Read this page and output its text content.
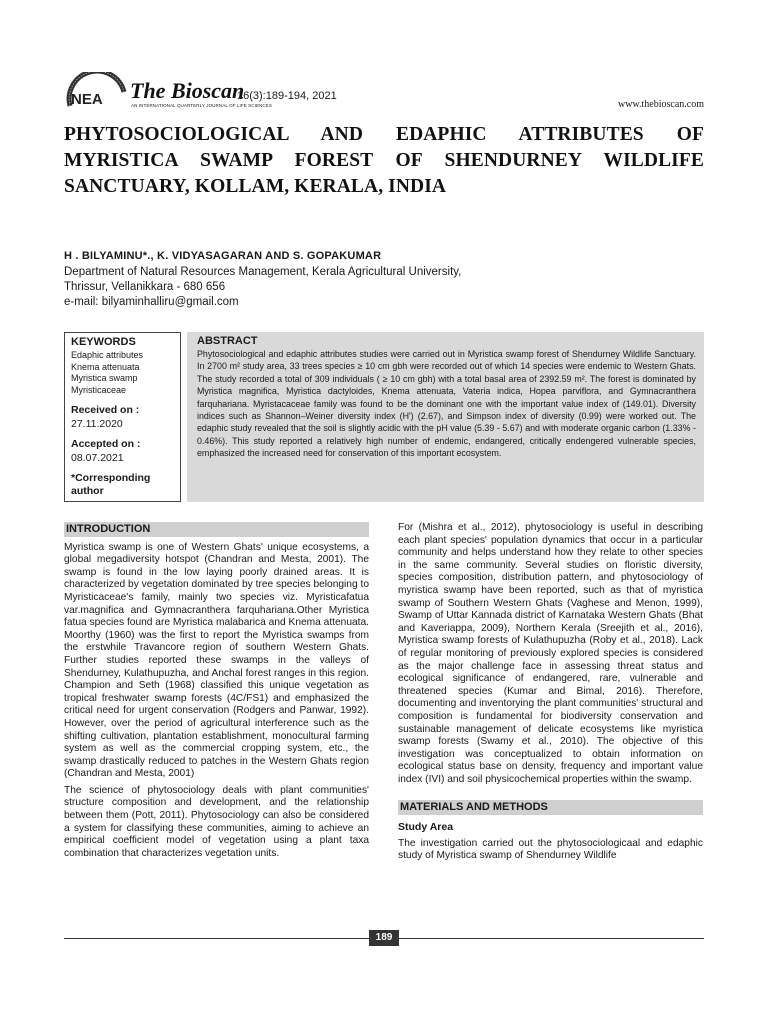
NEA The Bioscan
16(3):189-194, 2021
AN INTERNATIONAL QUARTERLY JOURNAL OF LIFE SCIENCES	www.thebioscan.com
PHYTOSOCIOLOGICAL AND EDAPHIC ATTRIBUTES OF MYRISTICA SWAMP FOREST OF SHENDURNEY WILDLIFE SANCTUARY, KOLLAM, KERALA, INDIA
H . BILYAMINU*., K. VIDYASAGARAN AND S. GOPAKUMAR
Department of Natural Resources Management, Kerala Agricultural University,
Thrissur, Vellanikkara - 680 656
e-mail: bilyaminhalliru@gmail.com
KEYWORDS
Edaphic attributes
Knema attenuata
Myristica swamp
Myristicaceae
Received on :
27.11.2020
Accepted on :
08.07.2021
*Corresponding author
ABSTRACT
Phytosociological and edaphic attributes studies were carried out in Myristica swamp forest of Shendurney Wildlife Sanctuary. In 2700 m² study area, 33 trees species ≥ 10 cm gbh were recorded out of which 14 species were endemic to Western Ghats. The study recorded a total of 309 individuals ( ≥ 10 cm gbh) with a total basal area of 2392.59 m². The forest is dominated by Myristica magnifica, Myristica dactyloides, Knema attenuata, Vateria indica, Hopea parviflora, and Gymnacranthera farquhariana. Myristacaceae family was found to be the dominant one with the important value index of (149.01). Diversity indices such as Shannon–Weiner diversity index (H') (2.67), and Simpson index of diversity (0.99) were worked out. The edaphic study revealed that the soil is slightly acidic with the pH value (5.39 - 5.67) and with moderate organic carbon (1.33% - 0.46%). This study reported a relatively high number of endemic, endangered, critically endengered vulnerable species, emphasized the increased need for conservation of this important ecosystem.
INTRODUCTION

Myristica swamp is one of Western Ghats' unique ecosystems, a global megadiversity hotspot (Chandran and Mesta, 2001). The swamp is found in the low laying poorly drained areas. It is characterized by vegetation dominated by tree species belonging to Myristicaceae's family, mainly two species viz. Myristicafatua var.magnifica and Gymnacranthera farquhariana.Other Myristica fatua species found are Myristica malabarica and Knema attenuata. Moorthy (1960) was the first to report the Myristica swamps from the erstwhile Travancore region of southern Western Ghats. Further studies reported these swamps in the valleys of Shendurney, Kulathupuzha, and Anchal forest ranges in this region. Champion and Seth (1968) classified this unique vegetation as tropical freshwater swamp forests (4C/FS1) and emphasized the critical need for urgent conservation (Rodgers and Panwar, 1992). However, over the period of agricultural interference such as the shifting cultivation, plantation establishment, monocultural farming system as well as the commercial cropping system, etc., the swamp drastically reduced to patches in the Western Ghats region (Chandran and Mesta, 2001)

The science of phytosociology deals with plant communities' structure composition and development, and the relationship between them (Pott, 2011). Phytosociology can also be considered a system for classifying these communities, aiming to achieve an empirical coefficient model of vegetation using a plant taxa combination that characterizes vegetation units.

For (Mishra et al., 2012), phytosociology is useful in describing each plant species' population dynamics that occur in a particular community and helps understand how they relate to other species in the same community. Several studies on floristic diversity, species composition, distribution pattern, and phytosociology of myristica swamp have been reported, such as that of myristica swamp of Southern Western Ghats (Vaghese and Menon, 1999), Swamp of Uttar Kannada district of Karnataka Western Ghats (Bhat and Kaveriappa, 2009), Northern Kerala (Sreejith et al., 2016), Myristica swamp forests of Kulathupuzha (Roby et al., 2018). Lack of regular monitoring of previously explored species is considered as the major challenge face in assessing threat status and ecological significance of endangered, rare, vulnerable and threatened species (Kumar and Bimal, 2016). Therefore, documenting and inventorying the plant communities' structural and composition is fundamental for biodiversity conservation and sustainable management of delicate ecosystems like myristica swamp forests (Swamy et al., 2010). The objective of this investigation was conceptualized to obtain information on ecological status base on density, frequency and important value index (IVI) and soil physicochemical properties within the swamp.

MATERIALS AND METHODS
Study Area

The investigation carried out the phytosociologicaal and edaphic study of Myristica swamp of Shendurney Wildlife

189
